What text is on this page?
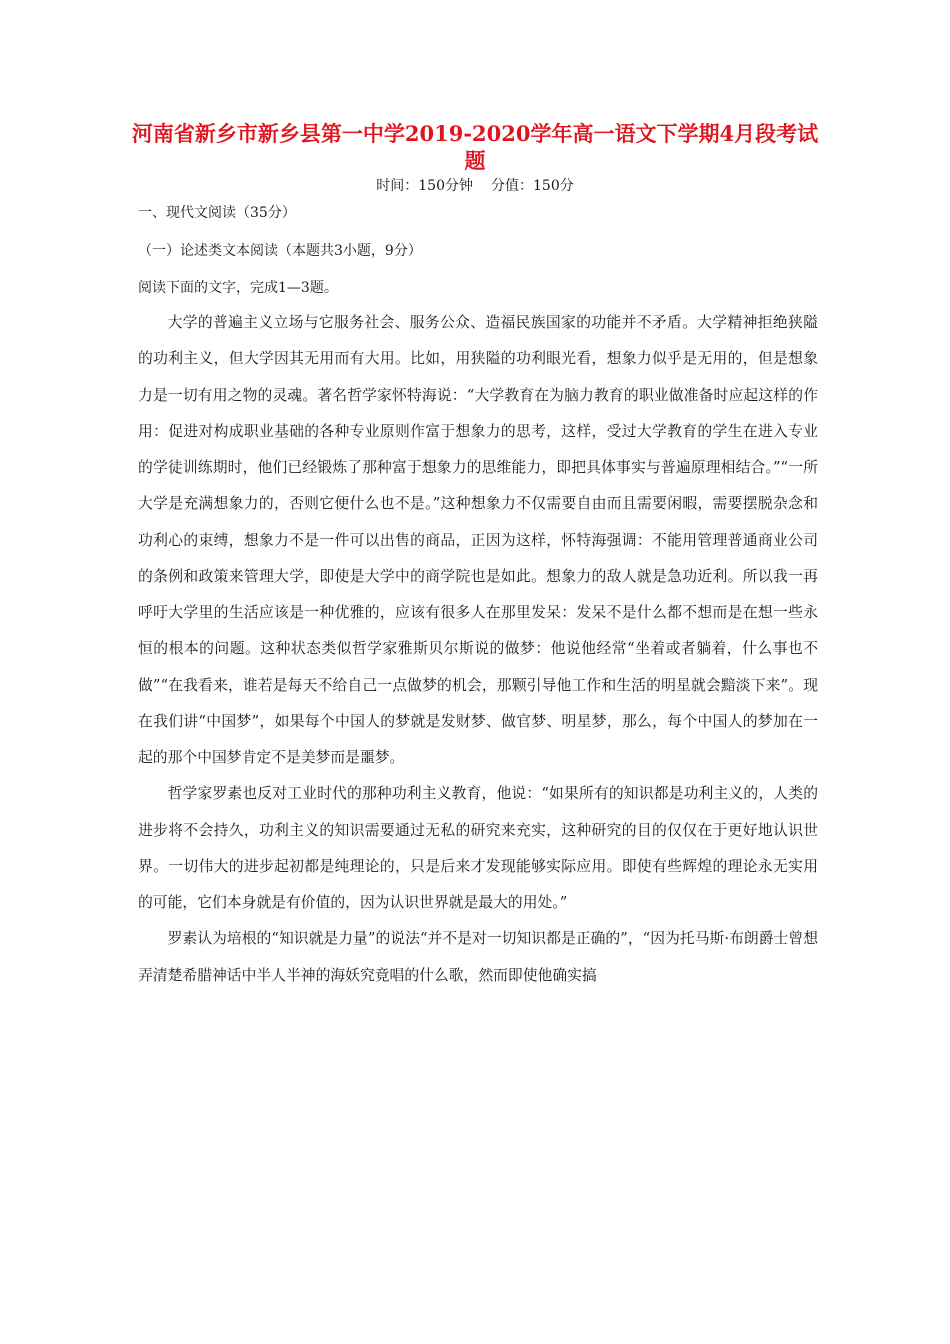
河南省新乡市新乡县第一中学2019-2020学年高一语文下学期4月段考试题
时间：150分钟 分值：150分

一、现代文阅读（35分）

（一）论述类文本阅读（本题共3小题，9分）

阅读下面的文字，完成1—3题。

大学的普遍主义立场与它服务社会、服务公众、造福民族国家的功能并不矛盾。大学精神拒绝狭隘的功利主义，但大学因其无用而有大用。比如，用狭隘的功利眼光看，想象力似乎是无用的，但是想象力是一切有用之物的灵魂。著名哲学家怀特海说：“大学教育在为脑力教育的职业做准备时应起这样的作用：促进对构成职业基础的各种专业原则作富于想象力的思考，这样，受过大学教育的学生在进入专业的学徒训练期时，他们已经锻炼了那种富于想象力的思维能力，即把具体事实与普遍原理相结合。”“一所大学是充满想象力的，否则它便什么也不是。”这种想象力不仅需要自由而且需要闲暇，需要摆脱杂念和功利心的束缚，想象力不是一件可以出售的商品，正因为这样，怀特海强调：不能用管理普通商业公司的条例和政策来管理大学，即使是大学中的商学院也是如此。想象力的敌人就是急功近利。所以我一再呼吁大学里的生活应该是一种优雅的，应该有很多人在那里发呆：发呆不是什么都不想而是在想一些永恒的根本的问题。这种状态类似哲学家雅斯贝尔斯说的做梦：他说他经常“坐着或者躺着，什么事也不做”“在我看来，谁若是每天不给自己一点做梦的机会，那颗引导他工作和生活的明星就会黯淡下来”。现在我们讲“中国梦”，如果每个中国人的梦就是发财梦、做官梦、明星梦，那么，每个中国人的梦加在一起的那个中国梦肯定不是美梦而是噩梦。

哲学家罗素也反对工业时代的那种功利主义教育，他说：“如果所有的知识都是功利主义的，人类的进步将不会持久，功利主义的知识需要通过无私的研究来充实，这种研究的目的仅仅在于更好地认识世界。一切伟大的进步起初都是纯理论的，只是后来才发现能够实际应用。即使有些辉煌的理论永无实用的可能，它们本身就是有价值的，因为认识世界就是最大的用处。”

罗素认为培根的“知识就是力量”的说法“并不是对一切知识都是正确的”，“因为托马斯·布朗爵士曾想弄清楚希腊神话中半人半神的海妖究竟唱的什么歌，然而即使他确实搞
